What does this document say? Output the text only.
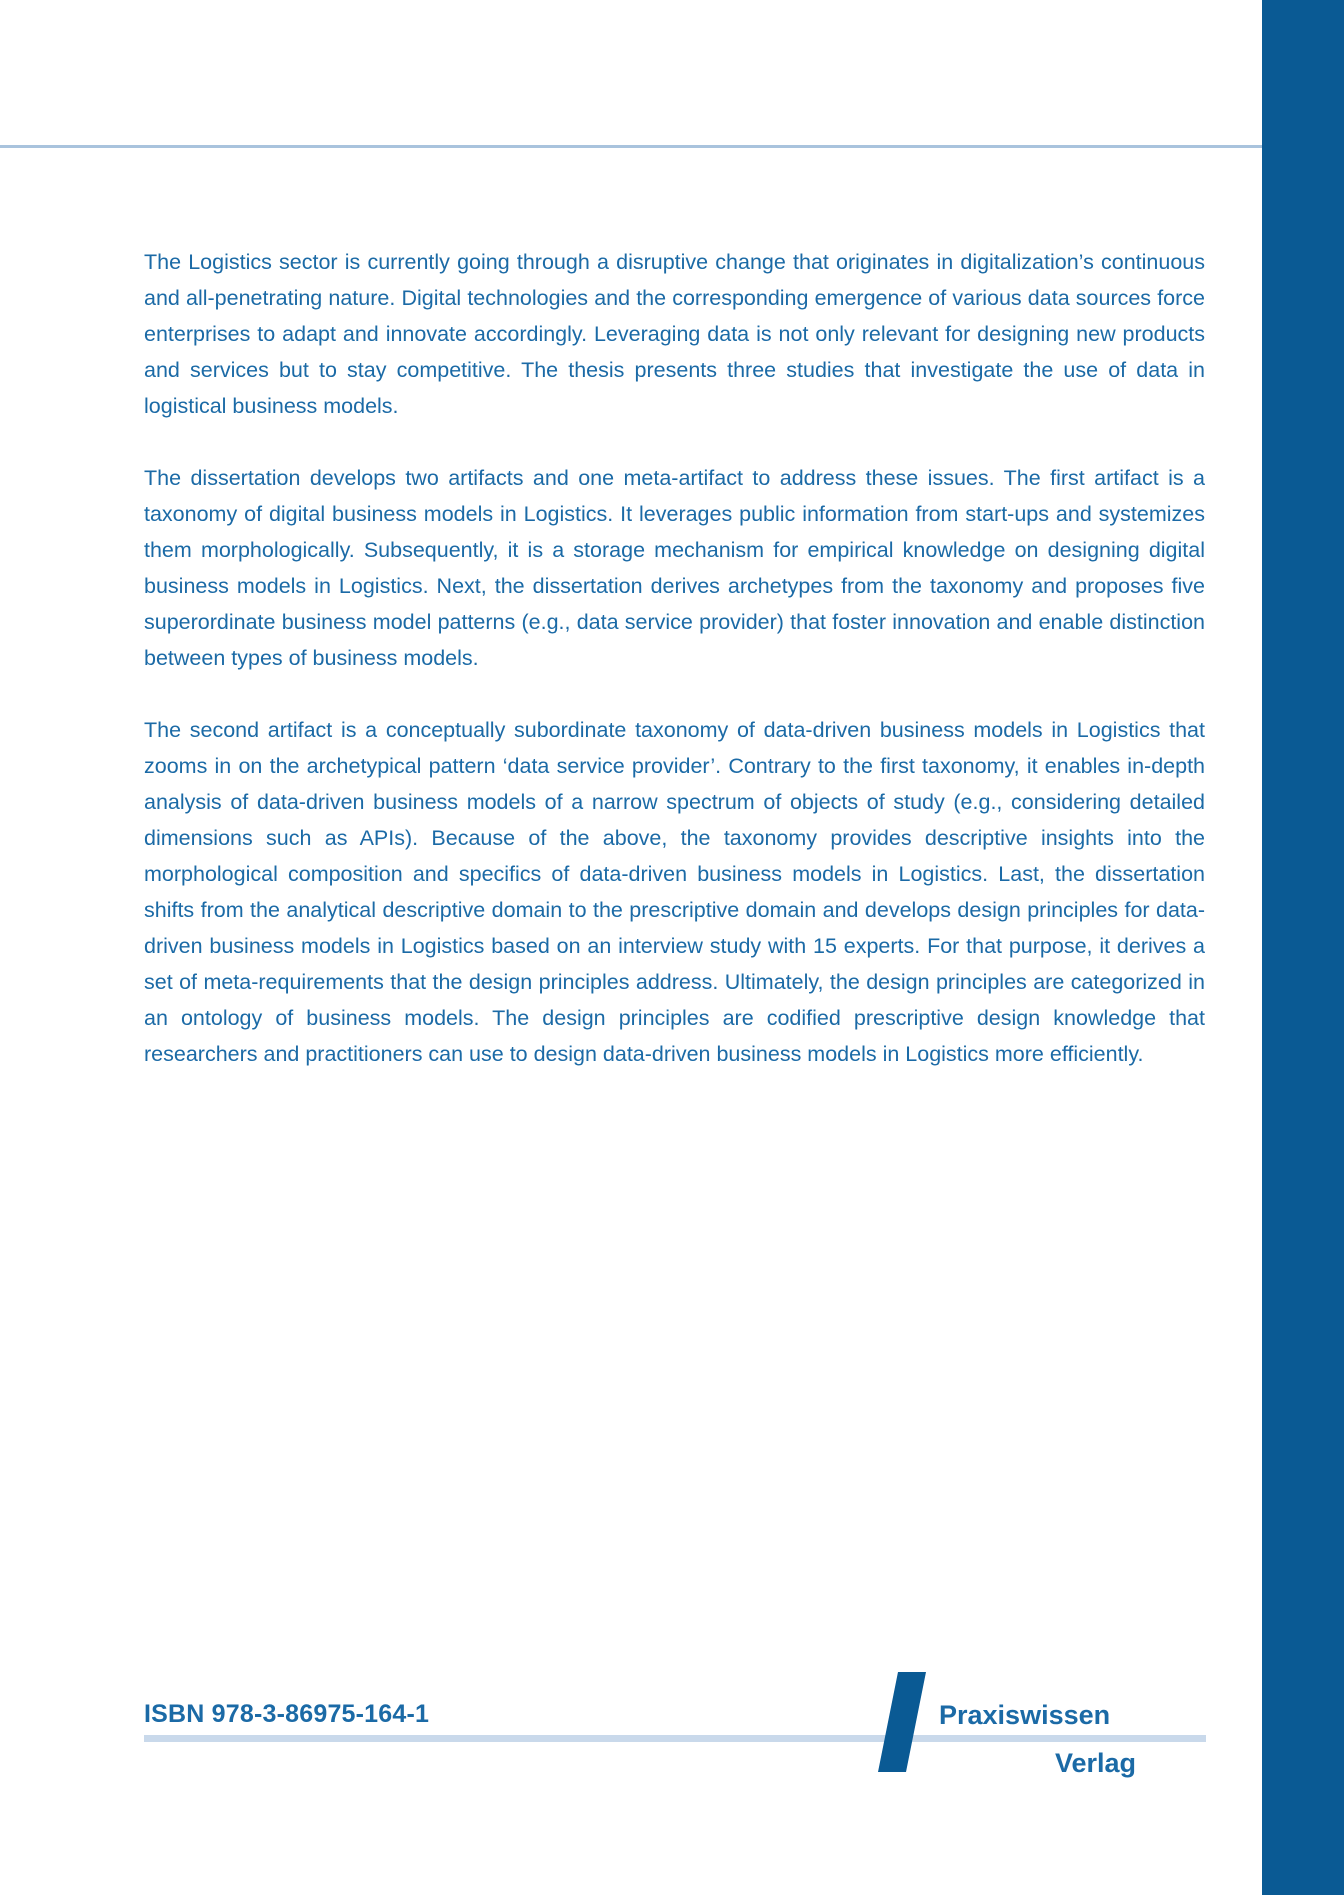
The Logistics sector is currently going through a disruptive change that originates in digitalization’s continuous and all-penetrating nature. Digital technologies and the corresponding emergence of various data sources force enterprises to adapt and innovate accordingly. Leveraging data is not only relevant for designing new products and services but to stay competitive. The thesis presents three studies that investigate the use of data in logistical business models.

The dissertation develops two artifacts and one meta-artifact to address these issues. The first artifact is a taxonomy of digital business models in Logistics. It leverages public information from start-ups and systemizes them morphologically. Subsequently, it is a storage mechanism for empirical knowledge on designing digital business models in Logistics. Next, the dissertation derives archetypes from the taxonomy and proposes five superordinate business model patterns (e.g., data service provider) that foster innovation and enable distinction between types of business models.

The second artifact is a conceptually subordinate taxonomy of data-driven business models in Logistics that zooms in on the archetypical pattern ‘data service provider’. Contrary to the first taxonomy, it enables in-depth analysis of data-driven business models of a narrow spectrum of objects of study (e.g., considering detailed dimensions such as APIs). Because of the above, the taxonomy provides descriptive insights into the morphological composition and specifics of data-driven business models in Logistics. Last, the dissertation shifts from the analytical descriptive domain to the prescriptive domain and develops design principles for data-driven business models in Logistics based on an interview study with 15 experts. For that purpose, it derives a set of meta-requirements that the design principles address. Ultimately, the design principles are categorized in an ontology of business models. The design principles are codified prescriptive design knowledge that researchers and practitioners can use to design data-driven business models in Logistics more efficiently.

ISBN 978-3-86975-164-1	Praxiswissen
Verlag
